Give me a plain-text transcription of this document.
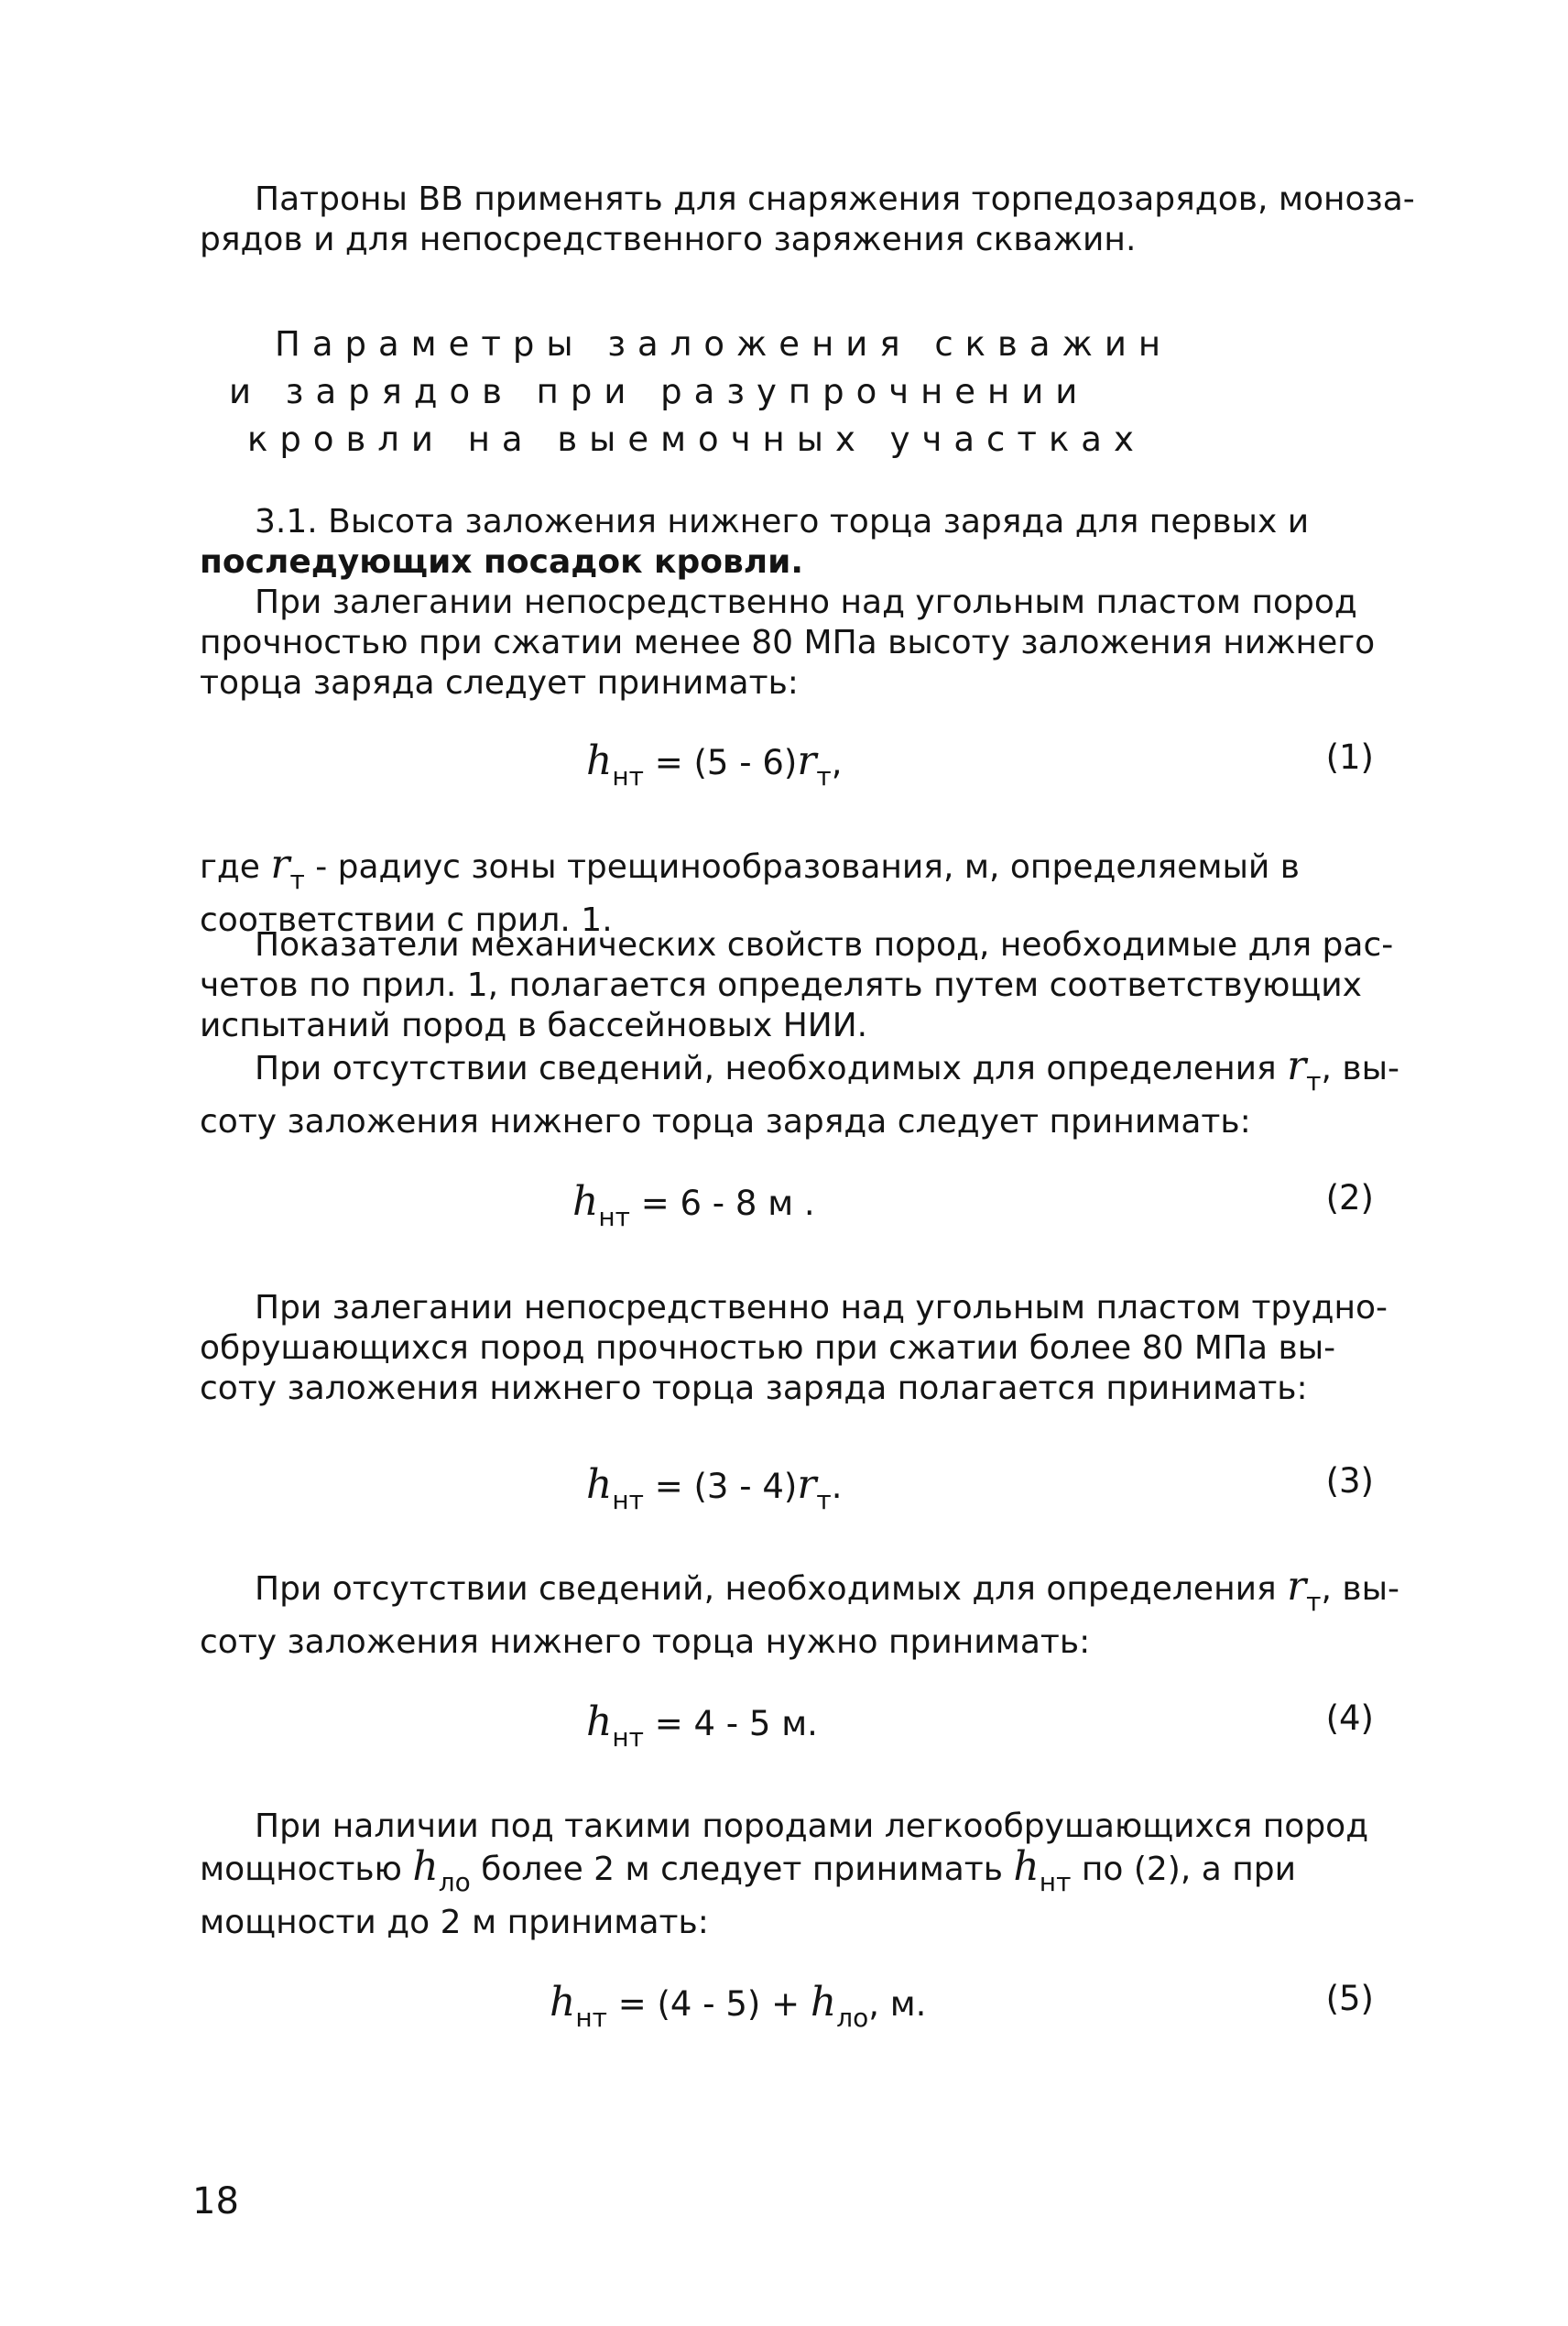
Патроны ВВ применять для снаряжения торпедозарядов, моноза-
рядов и для непосредственного заряжения скважин.

Параметры заложения скважин
и зарядов при разупрочнении
кровли на выемочных участках

3.1. Высота заложения нижнего торца заряда для первых и
последующих посадок кровли.

При залегании непосредственно над угольным пластом пород
прочностью при сжатии менее 80 МПа высоту заложения нижнего
торца заряда следует принимать:

$h_{нт} = (5 - 6)r_т$,	(1)

где $r_т$ - радиус зоны трещинообразования, м, определяемый в
соответствии с прил. 1.

Показатели механических свойств пород, необходимые для рас-
четов по прил. 1, полагается определять путем соответствующих
испытаний пород в бассейновых НИИ.

При отсутствии сведений, необходимых для определения $r_т$, вы-
соту заложения нижнего торца заряда следует принимать:

$h_{нт} = 6 - 8$ м .	(2)

При залегании непосредственно над угольным пластом трудно-
обрушающихся пород прочностью при сжатии более 80 МПа вы-
соту заложения нижнего торца заряда полагается принимать:

$h_{нт} = (3 - 4)r_т$.	(3)

При отсутствии сведений, необходимых для определения $r_т$, вы-
соту заложения нижнего торца нужно принимать:

$h_{нт} = 4 - 5$ м.	(4)

При наличии под такими породами легкообрушающихся пород
мощностью $h_{ло}$ более 2 м следует принимать $h_{нт}$ по (2), а при
мощности до 2 м принимать:

$h_{нт} = (4 - 5) + h_{ло}$, м.	(5)
18
